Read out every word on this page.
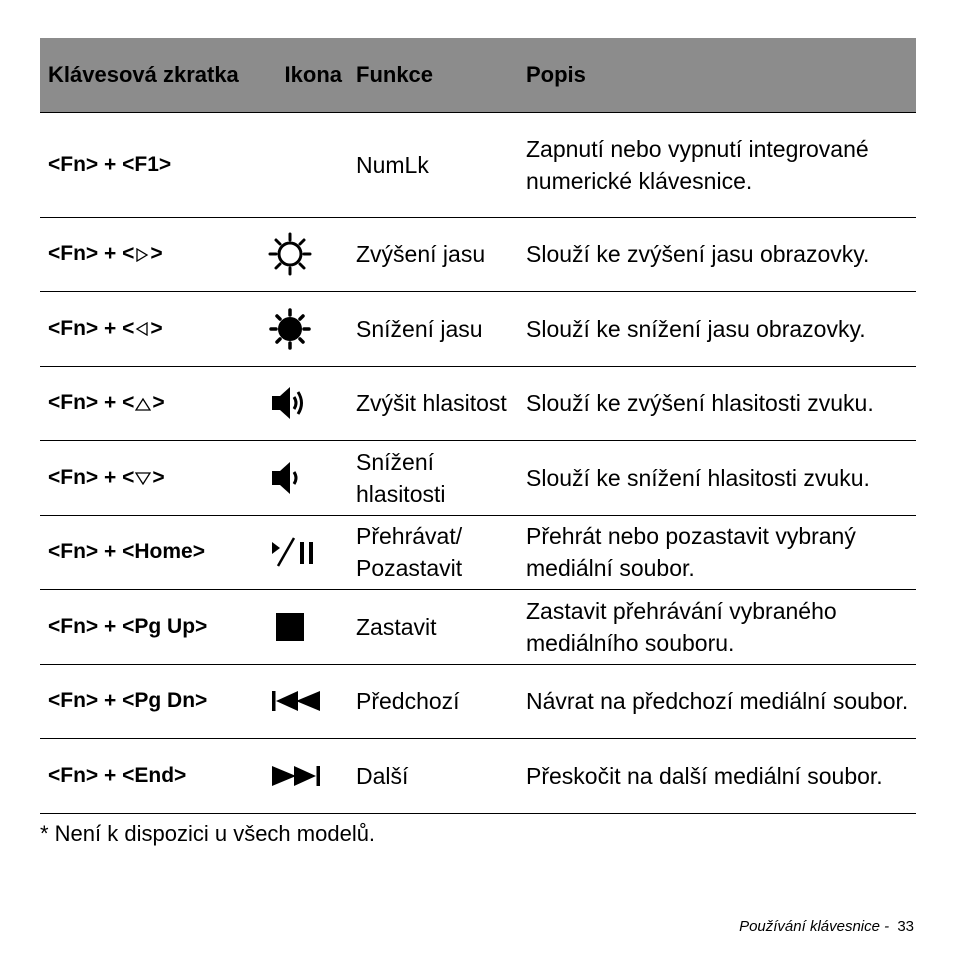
Klávesová zkratka	Ikona	Funkce	Popis
<Fn> + <F1>		NumLk	Zapnutí nebo vypnutí integrované numerické klávesnice.
<Fn> + < >		Zvýšení jasu	Slouží ke zvýšení jasu obrazovky.
<Fn> + < >		Snížení jasu	Slouží ke snížení jasu obrazovky.
<Fn> + < >		Zvýšit hlasitost	Slouží ke zvýšení hlasitosti zvuku.
<Fn> + < >		Snížení hlasitosti	Slouží ke snížení hlasitosti zvuku.
<Fn> + <Home>		Přehrávat/ Pozastavit	Přehrát nebo pozastavit vybraný mediální soubor.
<Fn> + <Pg Up>		Zastavit	Zastavit přehrávání vybraného mediálního souboru.
<Fn> + <Pg Dn>		Předchozí	Návrat na předchozí mediální soubor.
<Fn> + <End>		Další	Přeskočit na další mediální soubor.
* Není k dispozici u všech modelů.
Používání klávesnice - 33
